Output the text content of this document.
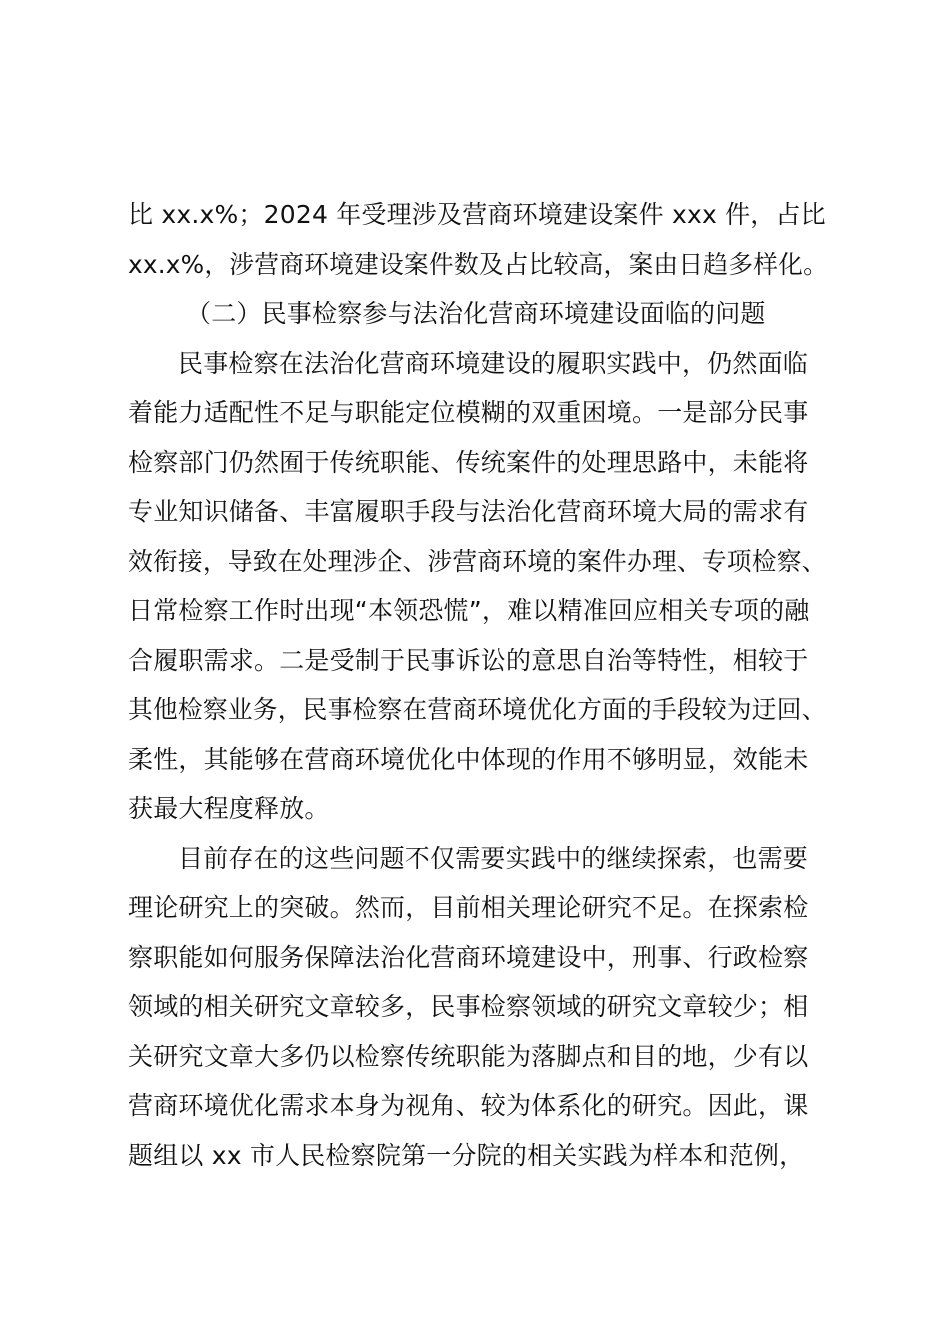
比 xx.x%；2024 年受理涉及营商环境建设案件 xxx 件，占比
xx.x%，涉营商环境建设案件数及占比较高，案由日趋多样化。
（二）民事检察参与法治化营商环境建设面临的问题
民事检察在法治化营商环境建设的履职实践中，仍然面临
着能力适配性不足与职能定位模糊的双重困境。一是部分民事
检察部门仍然囿于传统职能、传统案件的处理思路中，未能将
专业知识储备、丰富履职手段与法治化营商环境大局的需求有
效衔接，导致在处理涉企、涉营商环境的案件办理、专项检察、
日常检察工作时出现“本领恐慌”，难以精准回应相关专项的融
合履职需求。二是受制于民事诉讼的意思自治等特性，相较于
其他检察业务，民事检察在营商环境优化方面的手段较为迂回、
柔性，其能够在营商环境优化中体现的作用不够明显，效能未
获最大程度释放。
目前存在的这些问题不仅需要实践中的继续探索，也需要
理论研究上的突破。然而，目前相关理论研究不足。在探索检
察职能如何服务保障法治化营商环境建设中，刑事、行政检察
领域的相关研究文章较多，民事检察领域的研究文章较少；相
关研究文章大多仍以检察传统职能为落脚点和目的地，少有以
营商环境优化需求本身为视角、较为体系化的研究。因此，课
题组以 xx 市人民检察院第一分院的相关实践为样本和范例，
